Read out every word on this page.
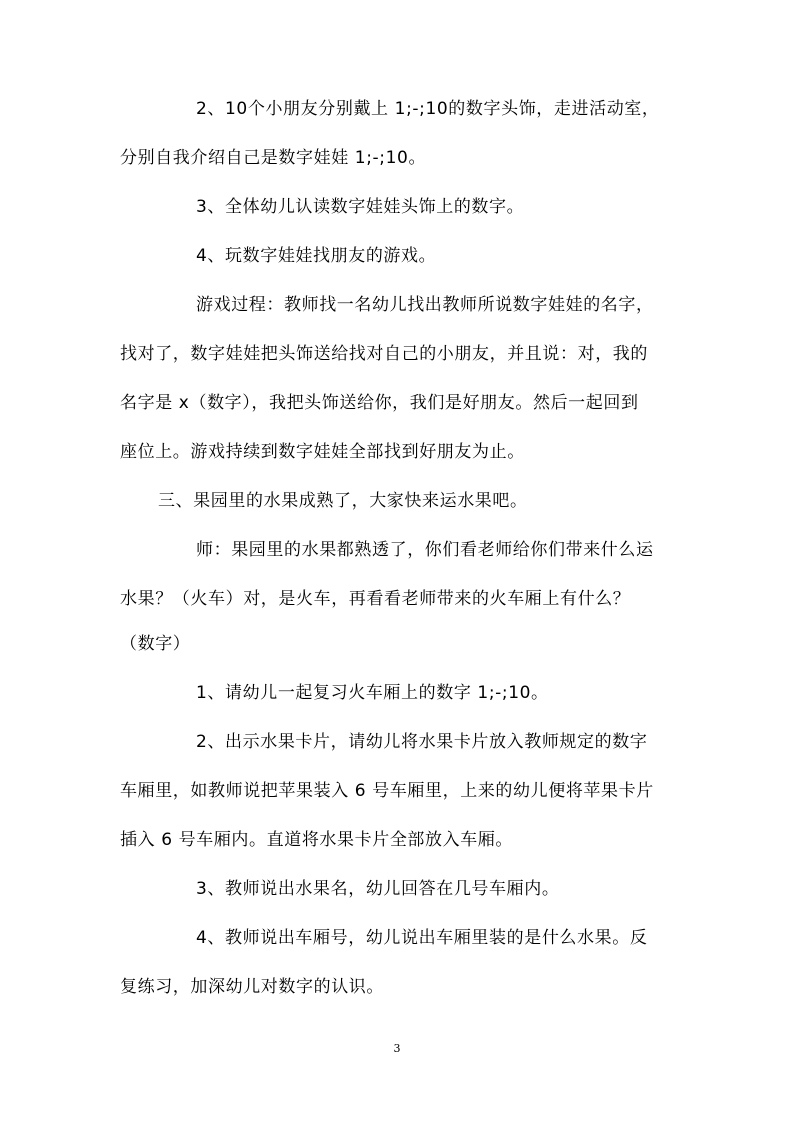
2、10个小朋友分别戴上 1;-;10的数字头饰，走进活动室，
分别自我介绍自己是数字娃娃 1;-;10。
3、全体幼儿认读数字娃娃头饰上的数字。
4、玩数字娃娃找朋友的游戏。
游戏过程：教师找一名幼儿找出教师所说数字娃娃的名字，
找对了，数字娃娃把头饰送给找对自己的小朋友，并且说：对，我的
名字是 x（数字），我把头饰送给你，我们是好朋友。然后一起回到
座位上。游戏持续到数字娃娃全部找到好朋友为止。
三、果园里的水果成熟了，大家快来运水果吧。
师：果园里的水果都熟透了，你们看老师给你们带来什么运
水果？（火车）对，是火车，再看看老师带来的火车厢上有什么？
（数字）
1、请幼儿一起复习火车厢上的数字 1;-;10。
2、出示水果卡片，请幼儿将水果卡片放入教师规定的数字
车厢里，如教师说把苹果装入 6 号车厢里，上来的幼儿便将苹果卡片
插入 6 号车厢内。直道将水果卡片全部放入车厢。
3、教师说出水果名，幼儿回答在几号车厢内。
4、教师说出车厢号，幼儿说出车厢里装的是什么水果。反
复练习，加深幼儿对数字的认识。
3
